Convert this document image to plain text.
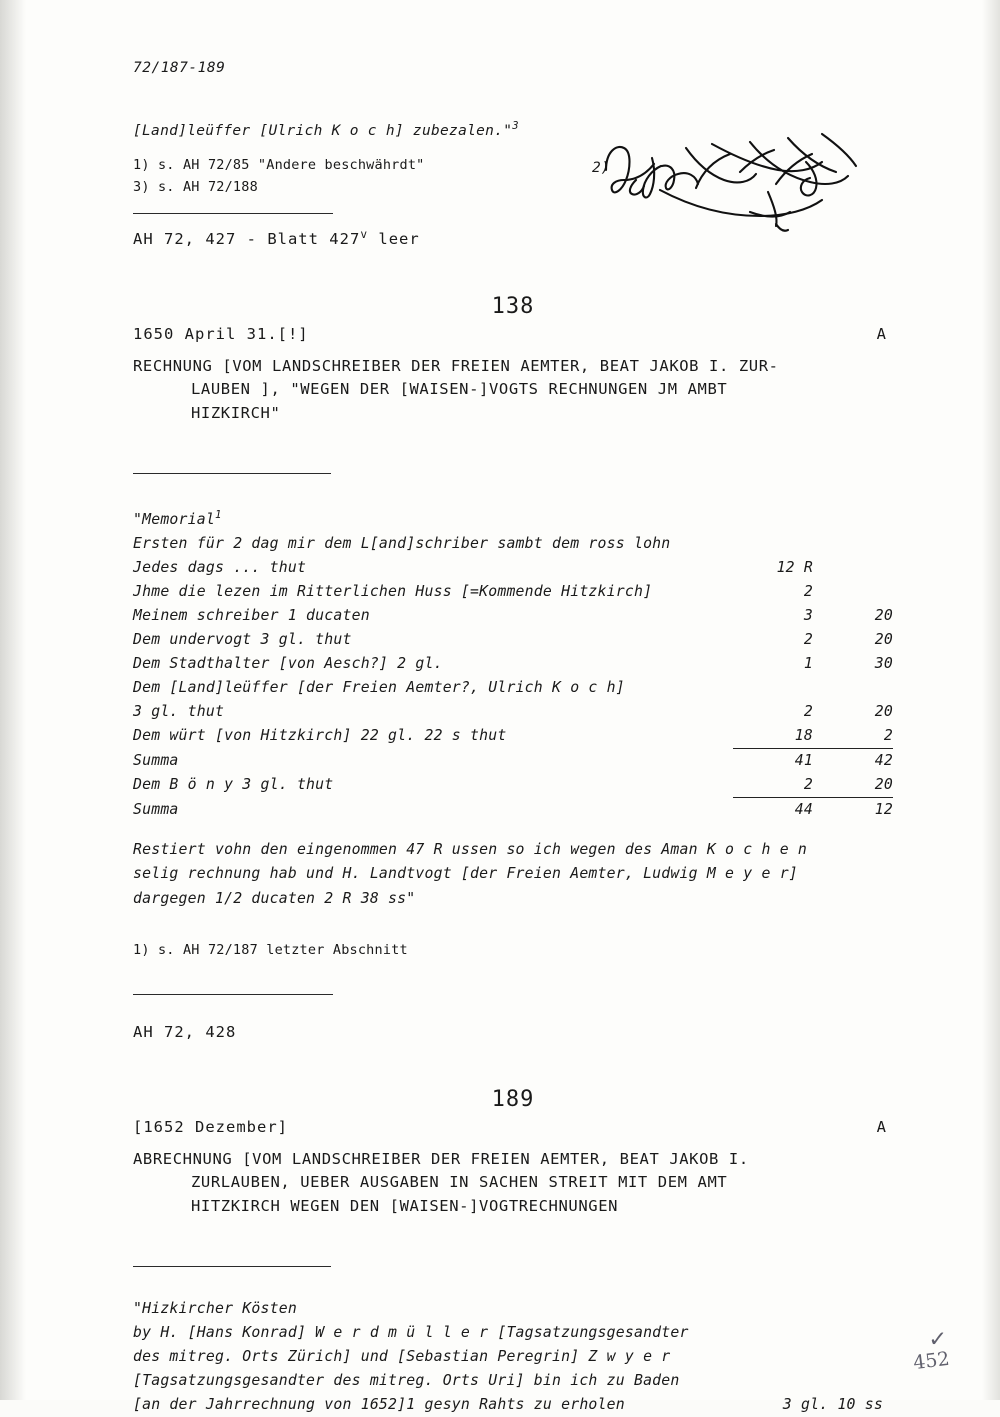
72/187-189
[Land]leüffer [Ulrich K o c h] zubezalen."$^3$
1) s. AH 72/85 "Andere beschwährdt"
3) s. AH 72/188
AH 72, 427 - Blatt 427$^v$ leer
138
1650 April 31.[!]	A
RECHNUNG [VOM LANDSCHREIBER DER FREIEN AEMTER, BEAT JAKOB I. ZUR-
LAUBEN ], "WEGEN DER [WAISEN-]VOGTS RECHNUNGEN JM AMBT
HIZKIRCH"
"Memorial$^1$
Ersten für 2 dag mir dem L[and]schriber sambt dem ross lohn
Jedes dags ... thut	12 R	
Jhme die lezen im Ritterlichen Huss [=Kommende Hitzkirch]	2	
Meinem schreiber 1 ducaten	3	20
Dem undervogt 3 gl. thut	2	20
Dem Stadthalter [von Aesch?] 2 gl.	1	30
Dem [Land]leüffer [der Freien Aemter?, Ulrich K o c h]		
3 gl. thut	2	20
Dem würt [von Hitzkirch] 22 gl. 22 s thut	18	2
Summa	41	42
Dem B ö n y 3 gl. thut	2	20
Summa	44	12
Restiert vohn den eingenommen 47 R ussen so ich wegen des Aman K o c h e n
selig rechnung hab und H. Landtvogt [der Freien Aemter, Ludwig M e y e r]
dargegen 1/2 ducaten 2 R 38 ss"
1) s. AH 72/187 letzter Abschnitt
AH 72, 428
189
[1652 Dezember]	A
ABRECHNUNG [VOM LANDSCHREIBER DER FREIEN AEMTER, BEAT JAKOB I.
ZURLAUBEN, UEBER AUSGABEN IN SACHEN STREIT MIT DEM AMT
HITZKIRCH WEGEN DEN [WAISEN-]VOGTRECHNUNGEN
"Hizkircher Kösten
by H. [Hans Konrad] W e r d m ü l l e r [Tagsatzungsgesandter
des mitreg. Orts Zürich] und [Sebastian Peregrin] Z w y e r
[Tagsatzungsgesandter des mitreg. Orts Uri] bin ich zu Baden
[an der Jahrrechnung von 1652]1 gesyn Rahts zu erholen	3 gl. 10 ss
2)
✓
452
